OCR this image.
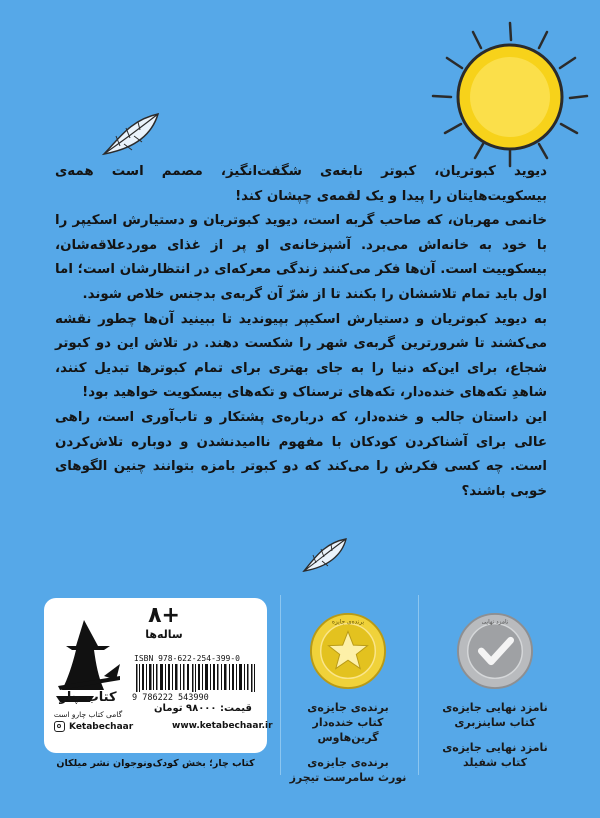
دیوید کبوتریان، کبوتر نابغه‌ی شگفت‌انگیز، مصمم است همه‌ی بیسکویت‌هایتان را پیدا و یک لقمه‌ی چپشان کند!

خانمی مهربان، که صاحب گربه است، دیوید کبوتریان و دستیارش اسکیپر را با خود به خانه‌اش می‌برد. آشپزخانه‌ی او پر از غذای موردعلاقه‌شان، بیسکوییت است. آن‌ها فکر می‌کنند زندگی معرکه‌ای در انتظارشان است؛ اما اول باید تمام تلاششان را بکنند تا از شرّ آن گربه‌ی بدجنس خلاص شوند.

به دیوید کبوتریان و دستیارش اسکیپر بپیوندید تا ببینید آن‌ها چطور نقشه می‌کشند تا شرورترین گربه‌ی شهر را شکست دهند. در تلاش این دو کبوتر شجاع، برای این‌که دنیا را به جای بهتری برای تمام کبوترها تبدیل کنند، شاهدِ تکه‌های خنده‌دار، تکه‌های ترسناک و تکه‌های بیسکویت خواهید بود!

این داستان جالب و خنده‌دار، که درباره‌ی پشتکار و تاب‌آوری است، راهی عالی برای آشناکردن کودکان با مفهوم ناامیدنشدن و دوباره تلاش‌کردن است. چه کسی فکرش را می‌کند که دو کبوتر بامزه بتوانند چنین الگوهای خوبی باشند؟

نامزد نهایی
نامزد نهایی جایزه‌ی
کتاب ساینزبری
نامزد نهایی جایزه‌ی
کتاب شفیلد
برنده‌ی جایزه
برنده‌ی جایزه‌ی
کتاب خنده‌دار گرین‌هاوس
برنده‌ی جایزه‌ی
نورث سامرست تیچرز
کتاب چار
گامی کتاب چارو است
+۸
ساله‌ها
ISBN 978-622-254-399-0
9 786222 543990
قیمت: ۹۸۰۰۰ تومان
Ketabechaar	www.ketabechaar.ir
کتاب چار؛ بخش کودک‌ونوجوان نشر میلکان
